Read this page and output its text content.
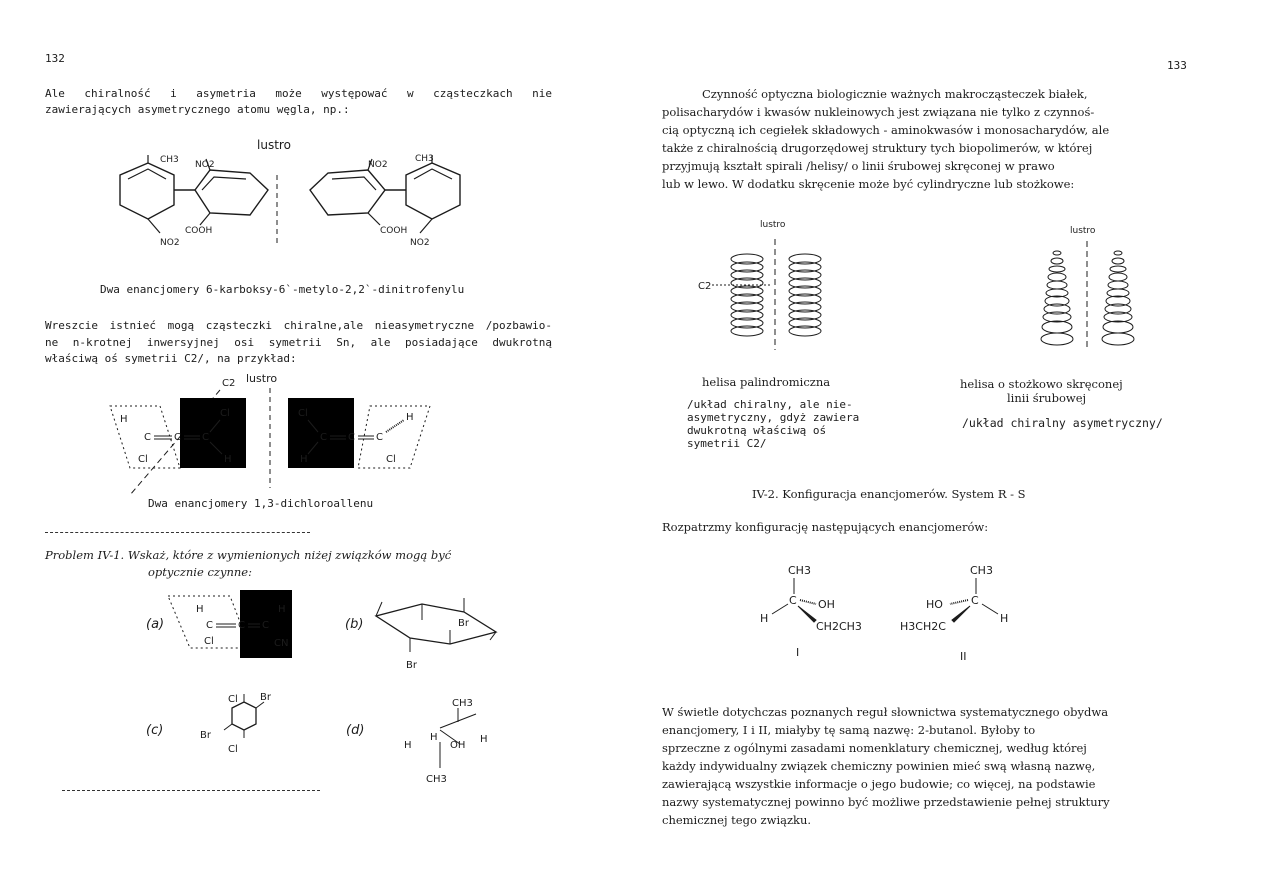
132
Ale chiralność i asymetria może występować w cząsteczkach nie
zawierających asymetrycznego atomu węgla, np.:
lustro
CH3 NO2
NO2
COOH
NO2
CH3
COOH
NO2
Dwa enancjomery 6-karboksy-6`-metylo-2,2`-dinitrofenylu
Wreszcie istnieć mogą cząsteczki chiralne,ale nieasymetryczne /pozbawio-
ne n-krotnej inwersyjnej osi symetrii Sn, ale posiadające dwukrotną
właściwą oś symetrii C2/, na przykład:
C2 lustro
H
C C C
Cl
H
Cl
Cl
H
C C C
H
Cl
Dwa enancjomery 1,3-dichloroallenu
Problem IV-1. Wskaż, które z wymienionych niżej związków mogą być
optycznie czynne:
(a)
H
C	C C
Cl
H
CN
(b)	Br
Br
(c)
Cl Br
Br
Cl
(d)
CH3
H	H
OH
H
CH3
133
Czynność optyczna biologicznie ważnych makrocząsteczek białek,
polisacharydów i kwasów nukleinowych jest związana nie tylko z czynnoś-
cią optyczną ich cegiełek składowych - aminokwasów i monosacharydów, ale
także z chiralnością drugorzędowej struktury tych biopolimerów, w której
przyjmują kształt spirali /helisy/ o linii śrubowej skręconej w prawo
lub w lewo. W dodatku skręcenie może być cylindryczne lub stożkowe:
lustro
lustro
C2
helisa palindromiczna
/układ chiralny, ale nie-
asymetryczny, gdyż zawiera
dwukrotną właściwą oś
symetrii C2/
helisa o stożkowo skręconej
linii śrubowej
/układ chiralny asymetryczny/
IV-2. Konfiguracja enancjomerów. System R - S
Rozpatrzmy konfigurację następujących enancjomerów:
CH3
C OH
H
CH2CH3
I
CH3
C
HO
H
H3CH2C
II
W świetle dotychczas poznanych reguł słownictwa systematycznego obydwa
enancjomery, I i II, miałyby tę samą nazwę: 2-butanol. Byłoby to
sprzeczne z ogólnymi zasadami nomenklatury chemicznej, według której
każdy indywidualny związek chemiczny powinien mieć swą własną nazwę,
zawierającą wszystkie informacje o jego budowie; co więcej, na podstawie
nazwy systematycznej powinno być możliwe przedstawienie pełnej struktury
chemicznej tego związku.
